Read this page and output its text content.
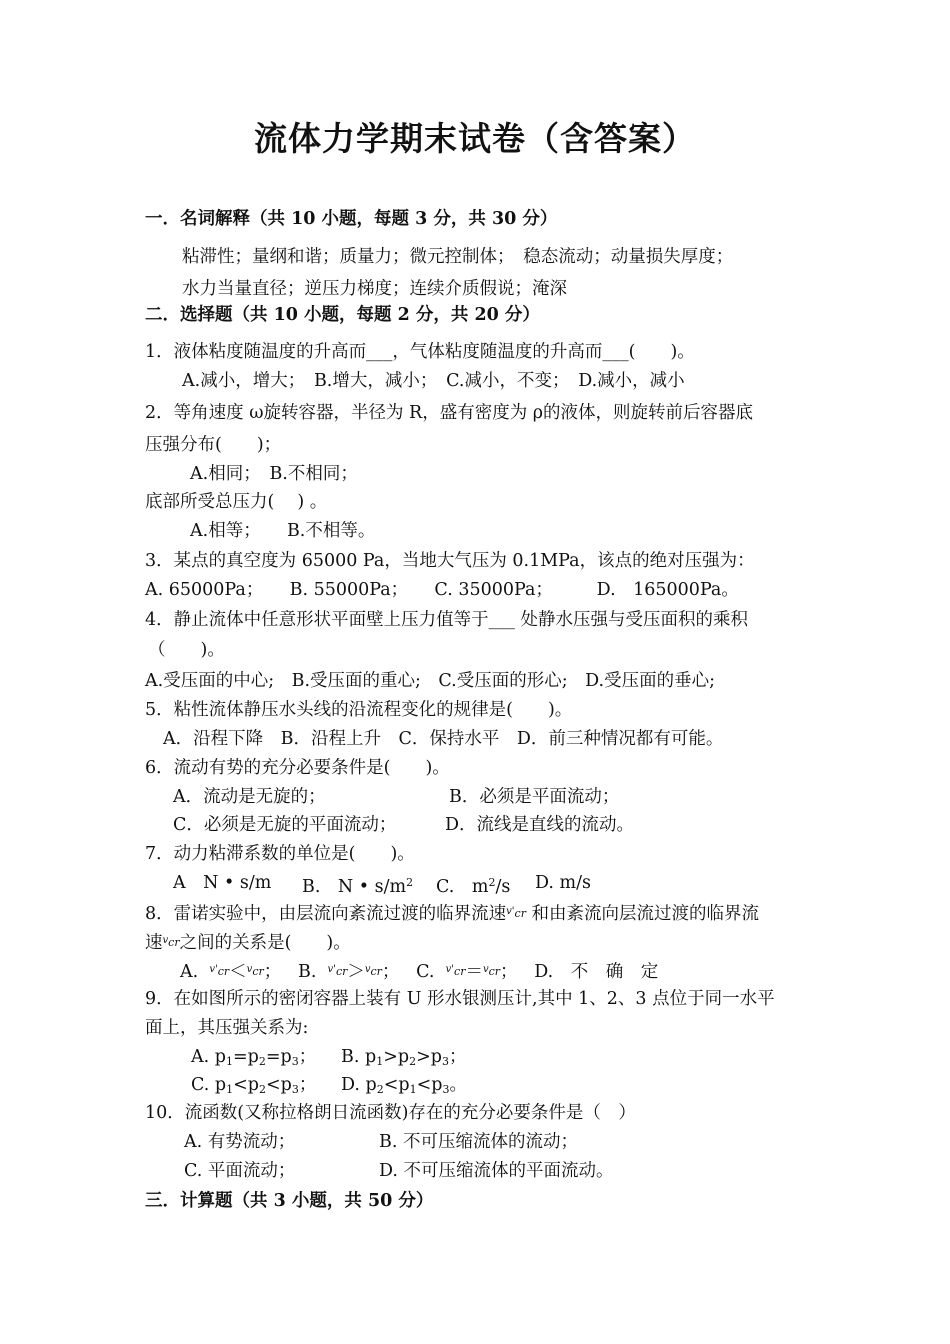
流体力学期末试卷（含答案）
一．名词解释（共 10 小题，每题 3 分，共 30 分）
粘滞性；量纲和谐；质量力；微元控制体；　稳态流动；动量损失厚度；
水力当量直径；逆压力梯度；连续介质假说；淹深
二．选择题（共 10 小题，每题 2 分，共 20 分）
1．液体粘度随温度的升高而___，气体粘度随温度的升高而___(　　)。
A.减小，增大；　B.增大，减小；　C.减小，不变；　D.减小，减小
2．等角速度 ω旋转容器，半径为 R，盛有密度为 ρ的液体，则旋转前后容器底
压强分布(　　)；
A.相同；　B.不相同；
底部所受总压力(　 ) 。
A.相等；　　B.不相等。
3．某点的真空度为 65000 Pa，当地大气压为 0.1MPa，该点的绝对压强为：
A. 65000Pa；　　B. 55000Pa；　　C. 35000Pa；　　　D.　165000Pa。
4．静止流体中任意形状平面壁上压力值等于___ 处静水压强与受压面积的乘积
（　　)。
A.受压面的中心;　B.受压面的重心;　C.受压面的形心;　D.受压面的垂心;
5．粘性流体静压水头线的沿流程变化的规律是(　　)。
A．沿程下降　B．沿程上升　C．保持水平　D．前三种情况都有可能。
6．流动有势的充分必要条件是(　　)。
A．流动是无旋的；	B．必须是平面流动；
C．必须是无旋的平面流动；	D．流线是直线的流动。
7．动力粘滞系数的单位是(　　)。
A　N • s/m B.　N • $s/m^2$ C.　$m^2/s$ D. m/s
8．雷诺实验中，由层流向紊流过渡的临界流速$^{v'_{cr}}$ 和由紊流向层流过渡的临界流
速$^{v_{cr}}$之间的关系是(　　)。
A. $^{v'_{cr}}$＜$^{v_{cr}}$；   B. $^{v'_{cr}}$＞$^{v_{cr}}$；   C. $^{v'_{cr}}$＝$^{v_{cr}}$；   D.　不　确　定
9．在如图所示的密闭容器上装有 U 形水银测压计,其中 1、2、3 点位于同一水平
面上，其压强关系为:
A. $p_1=p_2=p_3$； B. $p_1>p_2>p_3$；
C. $p_1<p_2<p_3$； D. $p_2<p_1<p_3$。
10．流函数(又称拉格朗日流函数)存在的充分必要条件是（　）
A. 有势流动；	B. 不可压缩流体的流动；
C. 平面流动；	D. 不可压缩流体的平面流动。
三．计算题（共 3 小题，共 50 分）
